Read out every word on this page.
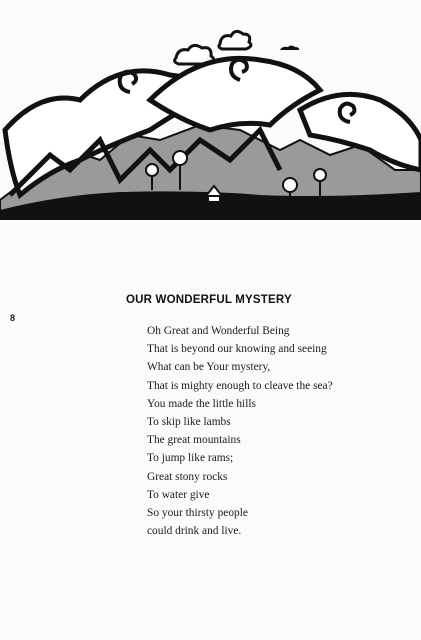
8
OUR WONDERFUL MYSTERY
Oh Great and Wonderful Being
That is beyond our knowing and seeing
What can be Your mystery,
That is mighty enough to cleave the sea?
You made the little hills
To skip like lambs
The great mountains
To jump like rams;
Great stony rocks
To water give
So your thirsty people
could drink and live.
